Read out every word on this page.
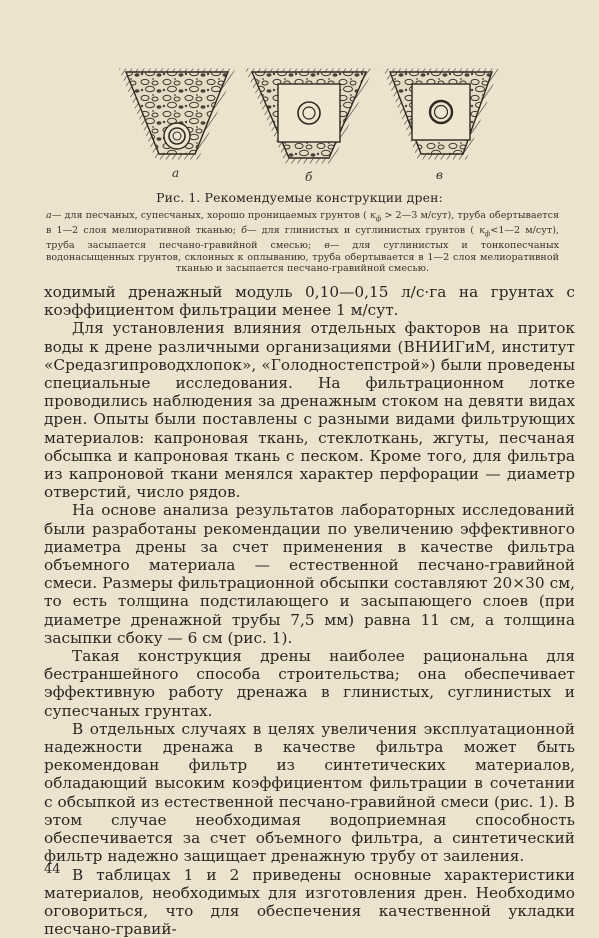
а	б	в
Рис. 1. Рекомендуемые конструкции дрен:
а— для песчаных, супесчаных, хорошо проницаемых грунтов ( $к_ф$ > 2—3 м/сут), труба обертывается в 1—2 слоя мелиоративной тканью; б— для глинистых и суглинистых грунтов ( $к_ф<1—2$ м/сут), труба засыпается песчано-гравийной смесью; в— для суглинистых и тонкопесчаных водонасыщенных грунтов, склонных к оплыванию, труба обертывается в 1—2 слоя мелиоративной тканью и засыпается песчано-гравийной смесью.

ходимый дренажный модуль 0,10—0,15 л/с·га на грунтах с коэффициентом фильтрации менее 1 м/сут.

Для установления влияния отдельных факторов на приток воды к дрене различными организациями (ВНИИГиМ, институт «Средазгипроводхлопок», «Голодностепстрой») были проведены специальные исследования. На фильтрационном лотке проводились наблюдения за дренажным стоком на девяти видах дрен. Опыты были поставлены с разными видами фильтрующих материалов: капроновая ткань, стеклоткань, жгуты, песчаная обсыпка и капроновая ткань с песком. Кроме того, для фильтра из капроновой ткани менялся характер перфорации — диаметр отверстий, число рядов.

На основе анализа результатов лабораторных исследований были разработаны рекомендации по увеличению эффективного диаметра дрены за счет применения в качестве фильтра объемного материала — естественной песчано-гравийной смеси. Размеры фильтрационной обсыпки составляют 20×30 см, то есть толщина подстилающего и засыпающего слоев (при диаметре дренажной трубы 7,5 мм) равна 11 см, а толщина засыпки сбоку — 6 см (рис. 1).

Такая конструкция дрены наиболее рациональна для бестраншейного способа строительства; она обеспечивает эффективную работу дренажа в глинистых, суглинистых и супесчаных грунтах.

В отдельных случаях в целях увеличения эксплуатационной надежности дренажа в качестве фильтра может быть рекомендован фильтр из синтетических материалов, обладающий высоким коэффициентом фильтрации в сочетании с обсыпкой из естественной песчано-гравийной смеси (рис. 1). В этом случае необходимая водоприемная способность обеспечивается за счет объемного фильтра, а синтетический фильтр надежно защищает дренажную трубу от заиления.

В таблицах 1 и 2 приведены основные характеристики материалов, необходимых для изготовления дрен. Необходимо оговориться, что для обеспечения качественной укладки песчано-гравий-

44
